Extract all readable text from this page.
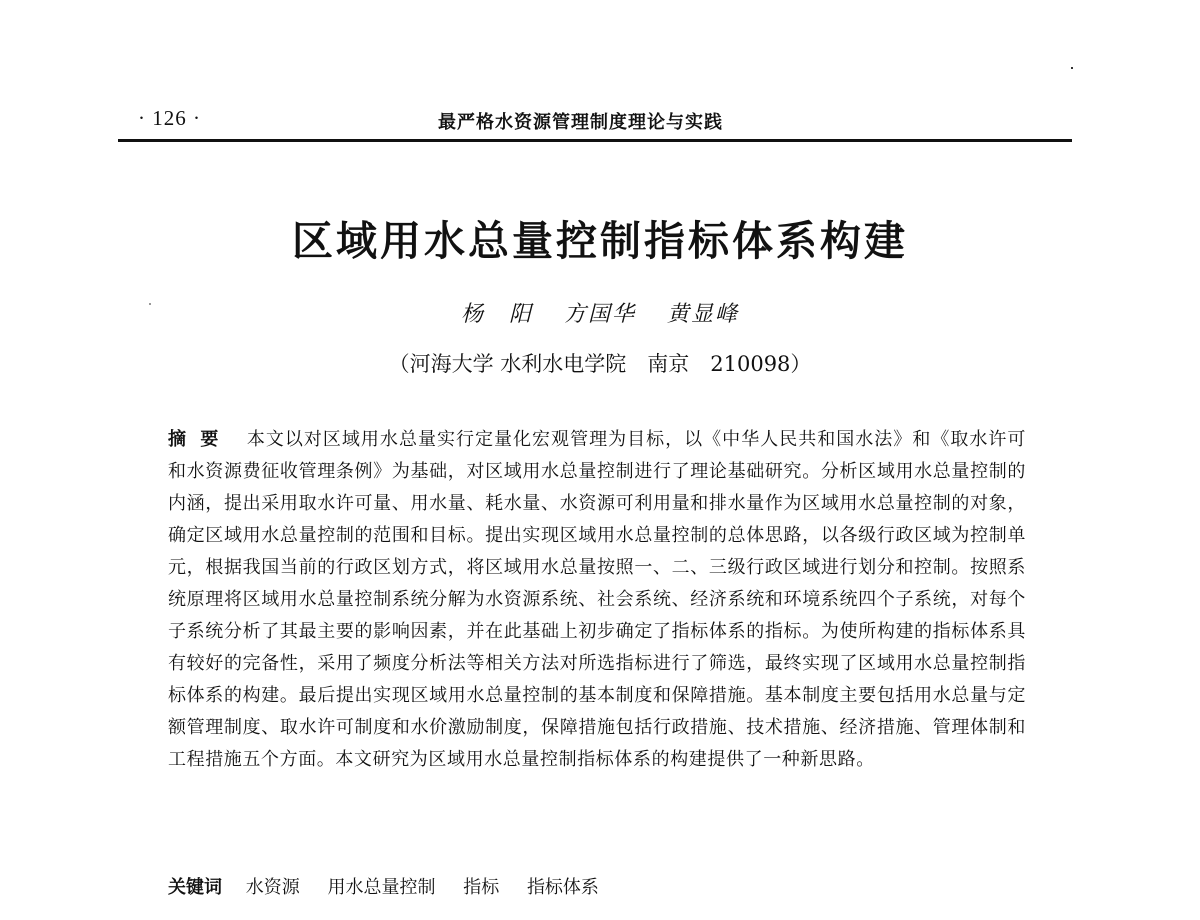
· 126 ·	最严格水资源管理制度理论与实践
区域用水总量控制指标体系构建
杨　阳 方国华 黄显峰
（河海大学 水利水电学院　南京　210098）
摘要 本文以对区域用水总量实行定量化宏观管理为目标，以《中华人民共和国水法》和《取水许可和水资源费征收管理条例》为基础，对区域用水总量控制进行了理论基础研究。分析区域用水总量控制的内涵，提出采用取水许可量、用水量、耗水量、水资源可利用量和排水量作为区域用水总量控制的对象，确定区域用水总量控制的范围和目标。提出实现区域用水总量控制的总体思路，以各级行政区域为控制单元，根据我国当前的行政区划方式，将区域用水总量按照一、二、三级行政区域进行划分和控制。按照系统原理将区域用水总量控制系统分解为水资源系统、社会系统、经济系统和环境系统四个子系统，对每个子系统分析了其最主要的影响因素，并在此基础上初步确定了指标体系的指标。为使所构建的指标体系具有较好的完备性，采用了频度分析法等相关方法对所选指标进行了筛选，最终实现了区域用水总量控制指标体系的构建。最后提出实现区域用水总量控制的基本制度和保障措施。基本制度主要包括用水总量与定额管理制度、取水许可制度和水价激励制度，保障措施包括行政措施、技术措施、经济措施、管理体制和工程措施五个方面。本文研究为区域用水总量控制指标体系的构建提供了一种新思路。
关键词 水资源 用水总量控制 指标 指标体系
